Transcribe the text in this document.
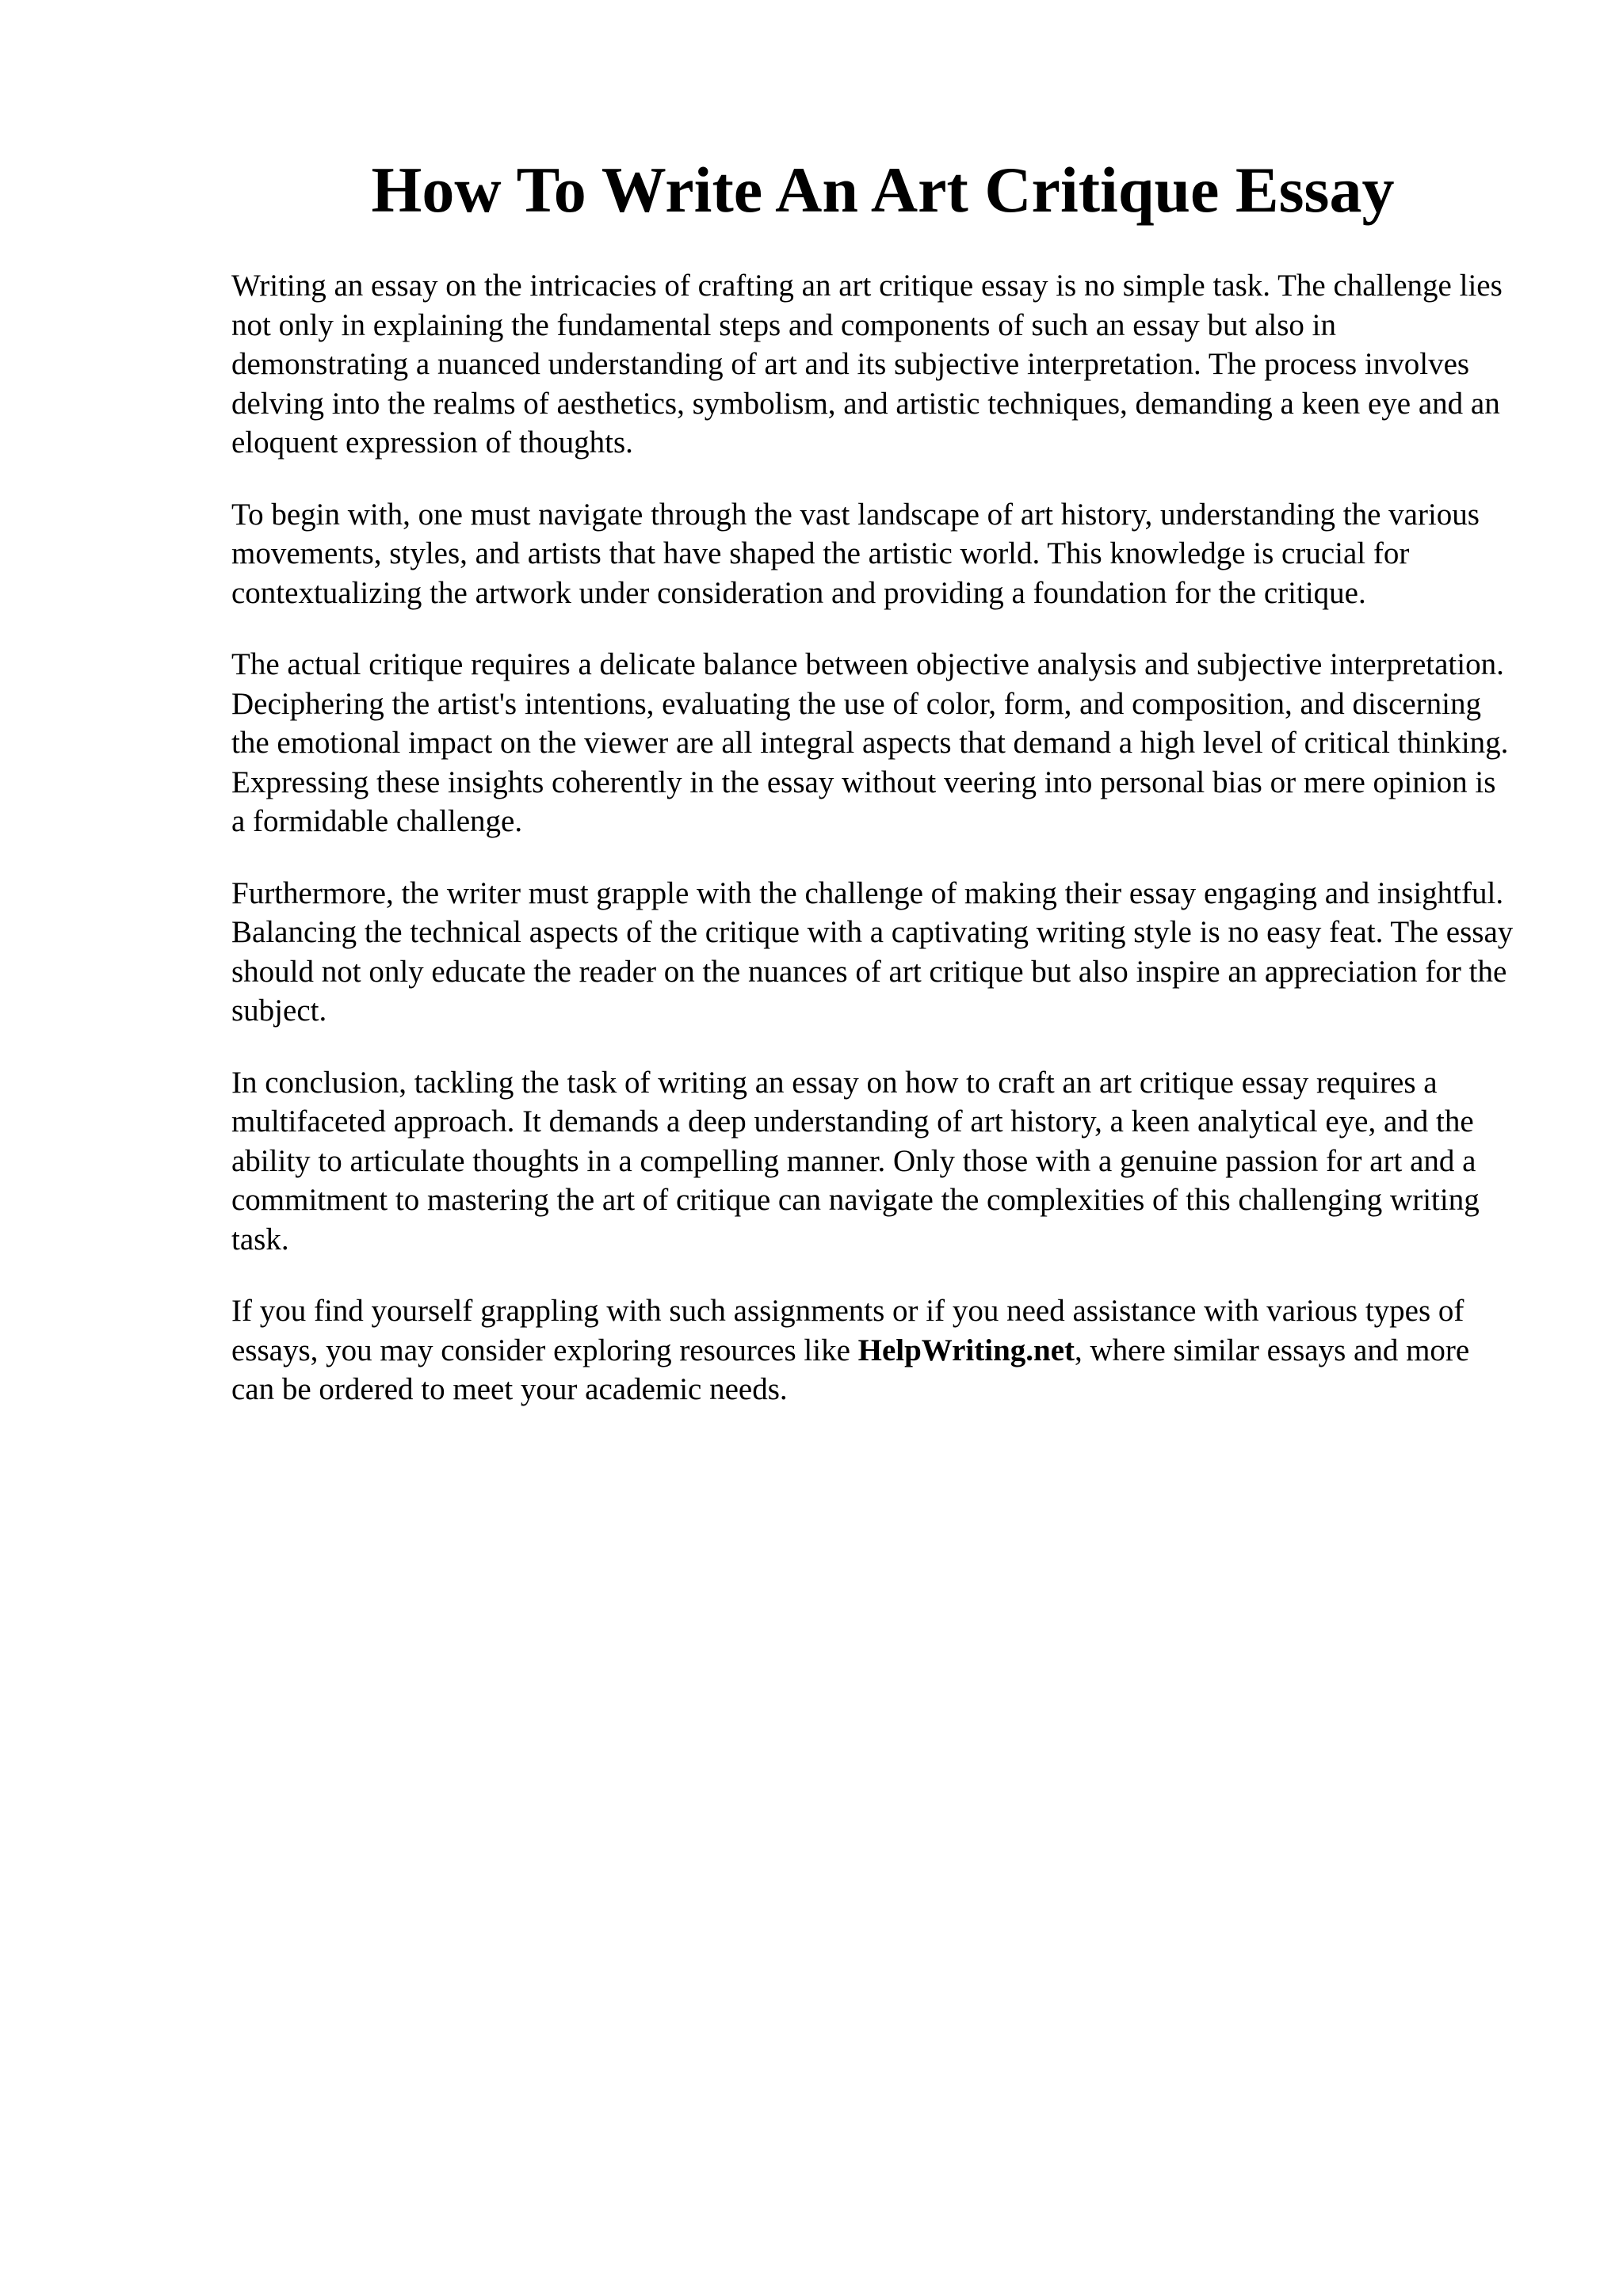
How To Write An Art Critique Essay

Writing an essay on the intricacies of crafting an art critique essay is no simple task. The challenge lies not only in explaining the fundamental steps and components of such an essay but also in demonstrating a nuanced understanding of art and its subjective interpretation. The process involves delving into the realms of aesthetics, symbolism, and artistic techniques, demanding a keen eye and an eloquent expression of thoughts.

To begin with, one must navigate through the vast landscape of art history, understanding the various movements, styles, and artists that have shaped the artistic world. This knowledge is crucial for contextualizing the artwork under consideration and providing a foundation for the critique.

The actual critique requires a delicate balance between objective analysis and subjective interpretation. Deciphering the artist's intentions, evaluating the use of color, form, and composition, and discerning the emotional impact on the viewer are all integral aspects that demand a high level of critical thinking. Expressing these insights coherently in the essay without veering into personal bias or mere opinion is a formidable challenge.

Furthermore, the writer must grapple with the challenge of making their essay engaging and insightful. Balancing the technical aspects of the critique with a captivating writing style is no easy feat. The essay should not only educate the reader on the nuances of art critique but also inspire an appreciation for the subject.

In conclusion, tackling the task of writing an essay on how to craft an art critique essay requires a multifaceted approach. It demands a deep understanding of art history, a keen analytical eye, and the ability to articulate thoughts in a compelling manner. Only those with a genuine passion for art and a commitment to mastering the art of critique can navigate the complexities of this challenging writing task.

If you find yourself grappling with such assignments or if you need assistance with various types of essays, you may consider exploring resources like HelpWriting.net, where similar essays and more can be ordered to meet your academic needs.
